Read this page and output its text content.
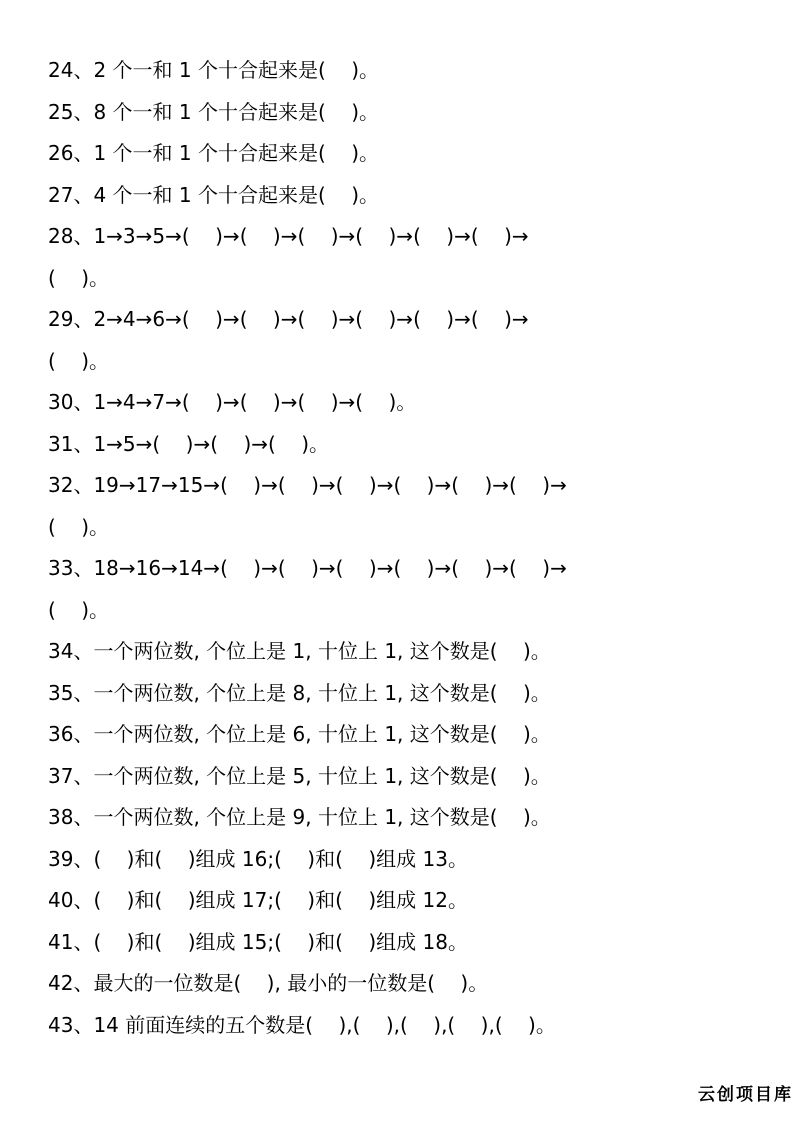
24、2 个一和 1 个十合起来是(    )。
25、8 个一和 1 个十合起来是(    )。
26、1 个一和 1 个十合起来是(    )。
27、4 个一和 1 个十合起来是(    )。
28、1→3→5→(    )→(    )→(    )→(    )→(    )→(    )→
(    )。
29、2→4→6→(    )→(    )→(    )→(    )→(    )→(    )→
(    )。
30、1→4→7→(    )→(    )→(    )→(    )。
31、1→5→(    )→(    )→(    )。
32、19→17→15→(    )→(    )→(    )→(    )→(    )→(    )→
(    )。
33、18→16→14→(    )→(    )→(    )→(    )→(    )→(    )→
(    )。
34、一个两位数, 个位上是 1, 十位上 1, 这个数是(    )。
35、一个两位数, 个位上是 8, 十位上 1, 这个数是(    )。
36、一个两位数, 个位上是 6, 十位上 1, 这个数是(    )。
37、一个两位数, 个位上是 5, 十位上 1, 这个数是(    )。
38、一个两位数, 个位上是 9, 十位上 1, 这个数是(    )。
39、(    )和(    )组成 16;(    )和(    )组成 13。
40、(    )和(    )组成 17;(    )和(    )组成 12。
41、(    )和(    )组成 15;(    )和(    )组成 18。
42、最大的一位数是(    ), 最小的一位数是(    )。
43、14 前面连续的五个数是(    ),(    ),(    ),(    ),(    )。
云创项目库
